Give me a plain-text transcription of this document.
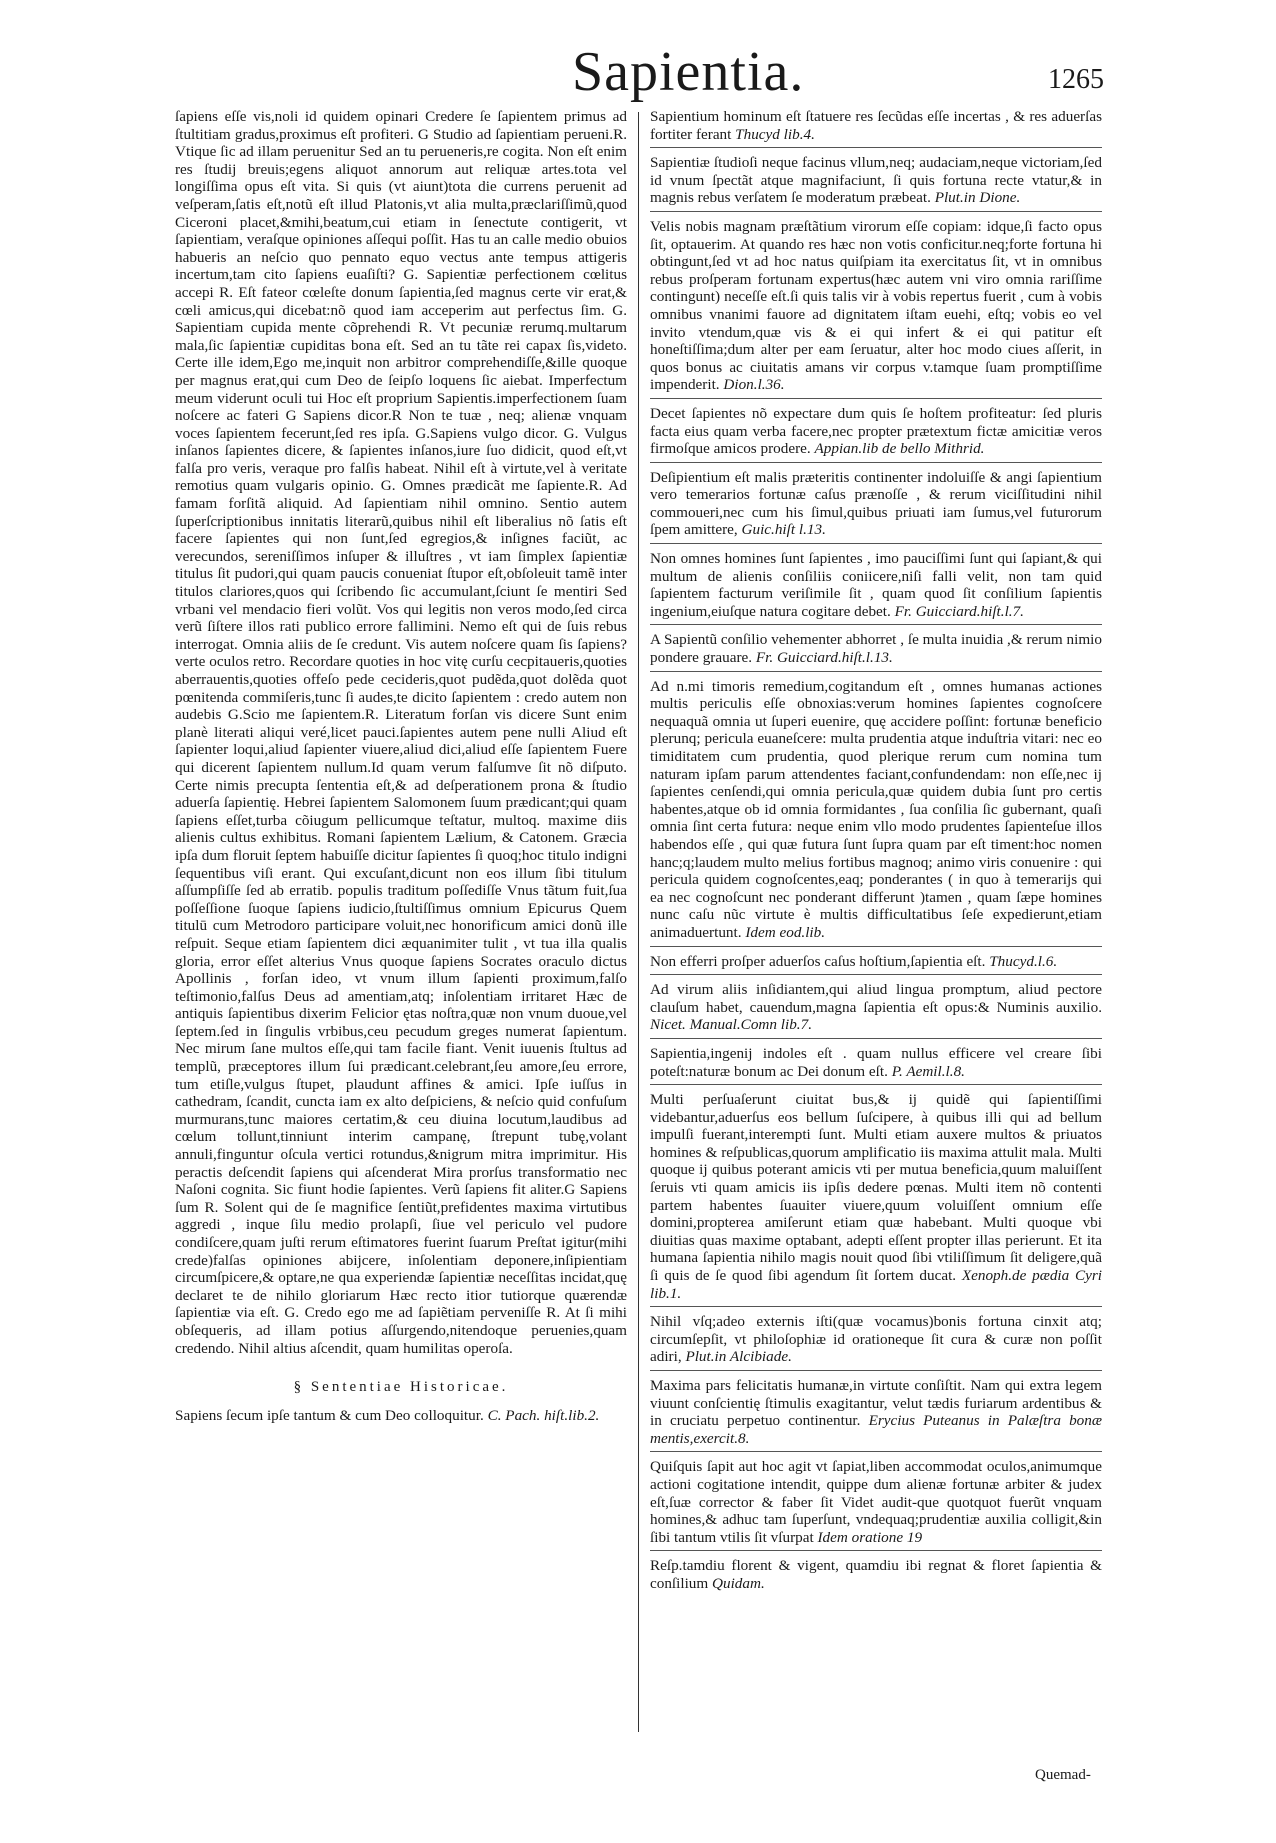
Sapientia.	1265

ſapiens eſſe vis,noli id quidem opinari Credere ſe ſapientem primus ad ſtultitiam gradus,proximus eſt profiteri. G Studio ad ſapientiam perueni.R. Vtique ſic ad illam peruenitur Sed an tu perueneris,re cogita. Non eſt enim res ſtudij breuis;egens aliquot annorum aut reliquæ artes.tota vel longiſſima opus eſt vita. Si quis (vt aiunt)tota die currens peruenit ad veſperam,ſatis eſt,notũ eſt illud Platonis,vt alia multa,præclariſſimũ,quod Ciceroni placet,&mihi,beatum,cui etiam in ſenectute contigerit, vt ſapientiam, veraſque opiniones aſſequi poſſit. Has tu an calle medio obuios habueris an neſcio quo pennato equo vectus ante tempus attigeris incertum,tam cito ſapiens euaſiſti? G. Sapientiæ perfectionem cœlitus accepi R. Eſt fateor cœleſte donum ſapientia,ſed magnus certe vir erat,& cœli amicus,qui dicebat:nõ quod iam acceperim aut perfectus ſim. G. Sapientiam cupida mente cõprehendi R. Vt pecuniæ rerumq.multarum mala,ſic ſapientiæ cupiditas bona eſt. Sed an tu tãte rei capax ſis,videto. Certe ille idem,Ego me,inquit non arbitror comprehendiſſe,&ille quoque per magnus erat,qui cum Deo de ſeipſo loquens ſic aiebat. Imperfectum meum viderunt oculi tui Hoc eſt proprium Sapientis.imperfectionem ſuam noſcere ac fateri G Sapiens dicor.R Non te tuæ , neq; alienæ vnquam voces ſapientem fecerunt,ſed res ipſa. G.Sapiens vulgo dicor. G. Vulgus inſanos ſapientes dicere, & ſapientes inſanos,iure ſuo didicit, quod eſt,vt falſa pro veris, veraque pro falſis habeat. Nihil eſt à virtute,vel à veritate remotius quam vulgaris opinio. G. Omnes prædicãt me ſapiente.R. Ad famam forſitã aliquid. Ad ſapientiam nihil omnino. Sentio autem ſuperſcriptionibus innitatis literarũ,quibus nihil eſt liberalius nõ ſatis eſt facere ſapientes qui non ſunt,ſed egregios,& inſignes faciũt, ac verecundos, sereniſſimos inſuper & illuſtres , vt iam ſimplex ſapientiæ titulus ſit pudori,qui quam paucis conueniat ſtupor eſt,obſoleuit tamẽ inter titulos clariores,quos qui ſcribendo ſic accumulant,ſciunt ſe mentiri Sed vrbani vel mendacio fieri volũt. Vos qui legitis non veros modo,ſed circa verũ ſiſtere illos rati publico errore fallimini. Nemo eſt qui de ſuis rebus interrogat. Omnia aliis de ſe credunt. Vis autem noſcere quam ſis ſapiens?verte oculos retro. Recordare quoties in hoc vitę curſu cecpitaueris,quoties aberrauentis,quoties offeſo pede cecideris,quot pudẽda,quot dolẽda quot pœnitenda commiſeris,tunc ſi audes,te dicito ſapientem : credo autem non audebis G.Scio me ſapientem.R. Literatum forſan vis dicere Sunt enim planè literati aliqui veré,licet pauci.ſapientes autem pene nulli Aliud eſt ſapienter loqui,aliud ſapienter viuere,aliud dici,aliud eſſe ſapientem Fuere qui dicerent ſapientem nullum.Id quam verum falſumve ſit nõ diſputo. Certe nimis precupta ſententia eſt,& ad deſperationem prona & ſtudio aduerſa ſapientię. Hebrei ſapientem Salomonem ſuum prædicant;qui quam ſapiens eſſet,turba cõiugum pellicumque teſtatur, multoq. maxime diis alienis cultus exhibitus. Romani ſapientem Lælium, & Catonem. Græcia ipſa dum floruit ſeptem habuiſſe dicitur ſapientes ſi quoq;hoc titulo indigni ſequentibus viſi erant. Qui excuſant,dicunt non eos illum ſibi titulum aſſumpſiſſe ſed ab erratib. populis traditum poſſediſſe Vnus tãtum fuit,ſua poſſeſſione ſuoque ſapiens iudicio,ſtultiſſimus omnium Epicurus Quem titulū cum Metrodoro participare voluit,nec honorificum amici donũ ille reſpuit. Seque etiam ſapientem dici æquanimiter tulit , vt tua illa qualis gloria, error eſſet alterius Vnus quoque ſapiens Socrates oraculo dictus Apollinis , forſan ideo, vt vnum illum ſapienti proximum,falſo teſtimonio,falſus Deus ad amentiam,atq; inſolentiam irritaret Hæc de antiquis ſapientibus dixerim Felicior ętas noſtra,quæ non vnum duoue,vel ſeptem.ſed in ſingulis vrbibus,ceu pecudum greges numerat ſapientum. Nec mirum ſane multos eſſe,qui tam facile fiant. Venit iuuenis ſtultus ad templũ, præceptores illum ſui prædicant.celebrant,ſeu amore,ſeu errore, tum etiſle,vulgus ſtupet, plaudunt affines & amici. Ipſe iuſſus in cathedram, ſcandit, cuncta iam ex alto deſpiciens, & neſcio quid confuſum murmurans,tunc maiores certatim,& ceu diuina locutum,laudibus ad cœlum tollunt,tinniunt interim campanę, ſtrepunt tubę,volant annuli,finguntur oſcula vertici rotundus,&nigrum mitra imprimitur. His peractis deſcendit ſapiens qui aſcenderat Mira prorſus transformatio nec Naſoni cognita. Sic fiunt hodie ſapientes. Verũ ſapiens fit aliter.G Sapiens ſum R. Solent qui de ſe magnifice ſentiũt,prefidentes maxima virtutibus aggredi , inque ſilu medio prolapſi, ſiue vel periculo vel pudore condiſcere,quam juſti rerum eſtimatores fuerint ſuarum Preſtat igitur(mihi crede)falſas opiniones abijcere, inſolentiam deponere,inſipientiam circumſpicere,& optare,ne qua experiendæ ſapientiæ neceſſitas incidat,quę declaret te de nihilo gloriarum Hæc recto itior tutiorque quærendæ ſapientiæ via eſt. G. Credo ego me ad ſapiẽtiam perveniſſe R. At ſi mihi obſequeris, ad illam potius aſſurgendo,nitendoque peruenies,quam credendo. Nihil altius aſcendit, quam humilitas operoſa.

§ Sententiae Historicae.

Sapiens ſecum ipſe tantum & cum Deo colloquitur. C. Pach. hiſt.lib.2.

Sapientium hominum eſt ſtatuere res ſecũdas eſſe incertas , & res aduerſas fortiter ferant Thucyd lib.4.

Sapientiæ ſtudioſi neque facinus vllum,neq; audaciam,neque victoriam,ſed id vnum ſpectãt atque magnifaciunt, ſi quis fortuna recte vtatur,& in magnis rebus verſatem ſe moderatum præbeat. Plut.in Dione.

Velis nobis magnam præſtãtium virorum eſſe copiam: idque,ſi facto opus ſit, optauerim. At quando res hæc non votis conficitur.neq;forte fortuna hi obtingunt,ſed vt ad hoc natus quiſpiam ita exercitatus ſit, vt in omnibus rebus proſperam fortunam expertus(hæc autem vni viro omnia rariſſime contingunt) neceſſe eſt.ſi quis talis vir à vobis repertus fuerit , cum à vobis omnibus vnanimi fauore ad dignitatem iſtam euehi, eſtq; vobis eo vel invito vtendum,quæ vis & ei qui infert & ei qui patitur eſt honeſtiſſima;dum alter per eam ſeruatur, alter hoc modo ciues aſſerit, in quos bonus ac ciuitatis amans vir corpus v.tamque ſuam promptiſſime impenderit. Dion.l.36.

Decet ſapientes nõ expectare dum quis ſe hoſtem profiteatur: ſed pluris facta eius quam verba facere,nec propter prætextum fictæ amicitiæ veros firmoſque amicos prodere. Appian.lib de bello Mithrid.

Deſipientium eſt malis præteritis continenter indoluiſſe & angi ſapientium vero temerarios fortunæ caſus prænoſſe , & rerum viciſſitudini nihil commoueri,nec cum his ſimul,quibus priuati iam ſumus,vel futurorum ſpem amittere, Guic.hiſt l.13.

Non omnes homines ſunt ſapientes , imo pauciſſimi ſunt qui ſapiant,& qui multum de alienis conſiliis coniicere,niſi falli velit, non tam quid ſapientem facturum veriſimile ſit , quam quod ſit conſilium ſapientis ingenium,eiuſque natura cogitare debet. Fr. Guicciard.hiſt.l.7.

A Sapientũ conſilio vehementer abhorret , ſe multa inuidia ,& rerum nimio pondere grauare. Fr. Guicciard.hiſt.l.13.

Ad n.mi timoris remedium,cogitandum eſt , omnes humanas actiones multis periculis eſſe obnoxias:verum homines ſapientes cognoſcere nequaquã omnia ut ſuperi euenire, quę accidere poſſint: fortunæ beneficio plerunq; pericula euaneſcere: multa prudentia atque induſtria vitari: nec eo timiditatem cum prudentia, quod plerique rerum cum nomina tum naturam ipſam parum attendentes faciant,confundendam: non eſſe,nec ij ſapientes cenſendi,qui omnia pericula,quæ quidem dubia ſunt pro certis habentes,atque ob id omnia formidantes , ſua conſilia ſic gubernant, quaſi omnia ſint certa futura: neque enim vllo modo prudentes ſapienteſue illos habendos eſſe , qui quæ futura ſunt ſupra quam par eſt timent:hoc nomen hanc;q;laudem multo melius fortibus magnoq; animo viris conuenire : qui pericula quidem cognoſcentes,eaq; ponderantes ( in quo à temerarijs qui ea nec cognoſcunt nec ponderant differunt )tamen , quam ſæpe homines nunc caſu nũc virtute è multis difficultatibus ſeſe expedierunt,etiam animaduertunt. Idem eod.lib.

Non efferri proſper aduerſos caſus hoſtium,ſapientia eſt. Thucyd.l.6.

Ad virum aliis inſidiantem,qui aliud lingua promptum, aliud pectore clauſum habet, cauendum,magna ſapientia eſt opus:& Numinis auxilio. Nicet. Manual.Comn lib.7.

Sapientia,ingenij indoles eſt . quam nullus efficere vel creare ſibi poteſt:naturæ bonum ac Dei donum eſt. P. Aemil.l.8.

Multi perſuaſerunt ciuitat bus,& ij quidẽ qui ſapientiſſimi videbantur,aduerſus eos bellum ſuſcipere, à quibus illi qui ad bellum impulſi fuerant,interempti ſunt. Multi etiam auxere multos & priuatos homines & reſpublicas,quorum amplificatio iis maxima attulit mala. Multi quoque ij quibus poterant amicis vti per mutua beneficia,quum maluiſſent ſeruis vti quam amicis iis ipſis dedere pœnas. Multi item nõ contenti partem habentes ſuauiter viuere,quum voluiſſent omnium eſſe domini,propterea amiſerunt etiam quæ habebant. Multi quoque vbi diuitias quas maxime optabant, adepti eſſent propter illas perierunt. Et ita humana ſapientia nihilo magis nouit quod ſibi vtiliſſimum ſit deligere,quã ſi quis de ſe quod ſibi agendum ſit ſortem ducat. Xenoph.de pædia Cyri lib.1.

Nihil vſq;adeo externis iſti(quæ vocamus)bonis fortuna cinxit atq; circumſepſit, vt philoſophiæ id orationeque ſit cura & curæ non poſſit adiri, Plut.in Alcibiade.

Maxima pars felicitatis humanæ,in virtute conſiſtit. Nam qui extra legem viuunt conſcientię ſtimulis exagitantur, velut tædis furiarum ardentibus & in cruciatu perpetuo continentur. Erycius Puteanus in Palæſtra bonæ mentis,exercit.8.

Quiſquis ſapit aut hoc agit vt ſapiat,liben accommodat oculos,animumque actioni cogitatione intendit, quippe dum alienæ fortunæ arbiter & judex eſt,ſuæ corrector & faber ſit Videt audit-que quotquot fuerũt vnquam homines,& adhuc tam ſuperſunt, vndequaq;prudentiæ auxilia colligit,&in ſibi tantum vtilis ſit vſurpat Idem oratione 19

Reſp.tamdiu florent & vigent, quamdiu ibi regnat & floret ſapientia & conſilium Quidam.

Quemad-
